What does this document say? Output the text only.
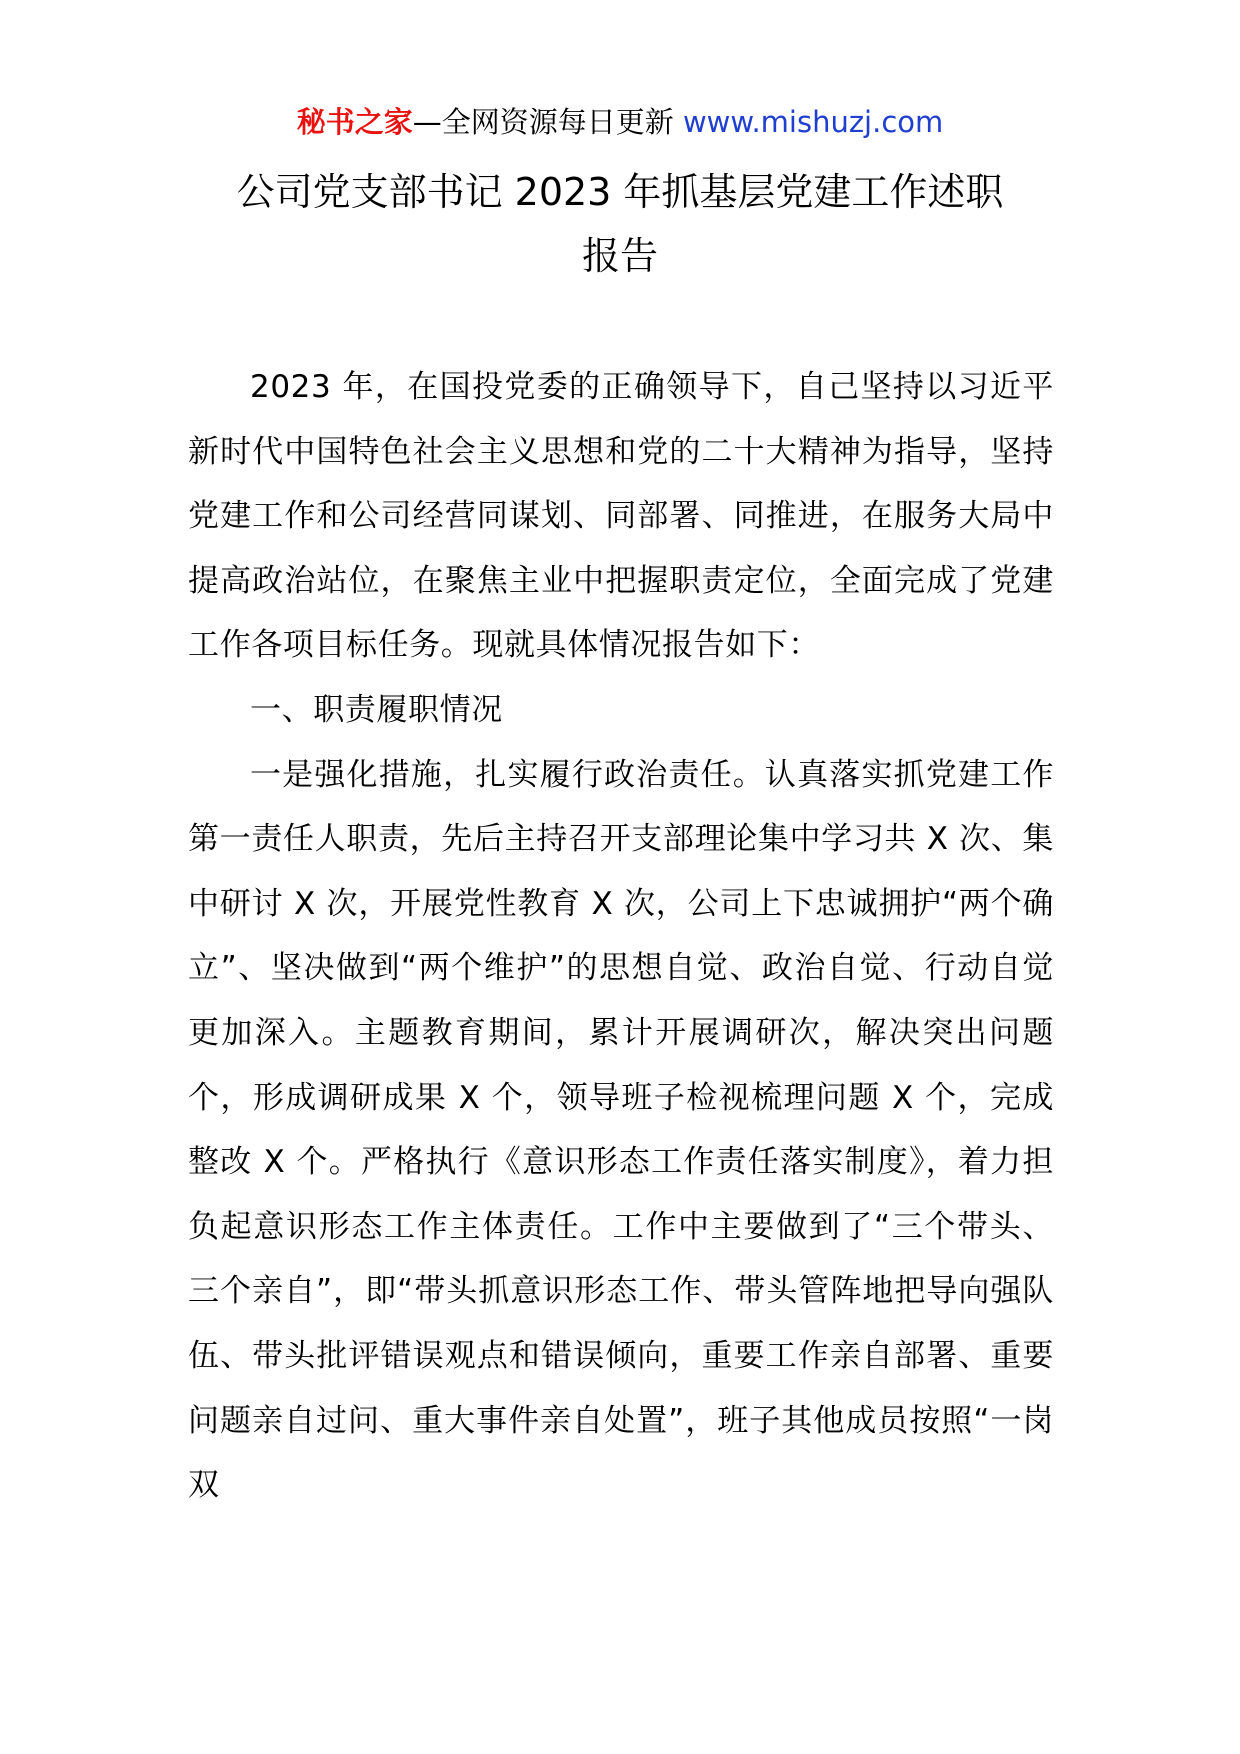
秘书之家—全网资源每日更新 www.mishuzj.com
公司党支部书记 2023 年抓基层党建工作述职
报告

2023 年，在国投党委的正确领导下，自己坚持以习近平新时代中国特色社会主义思想和党的二十大精神为指导，坚持党建工作和公司经营同谋划、同部署、同推进，在服务大局中提高政治站位，在聚焦主业中把握职责定位，全面完成了党建工作各项目标任务。现就具体情况报告如下：

一、职责履职情况

一是强化措施，扎实履行政治责任。认真落实抓党建工作第一责任人职责，先后主持召开支部理论集中学习共 X 次、集中研讨 X 次，开展党性教育 X 次，公司上下忠诚拥护“两个确立”、坚决做到“两个维护”的思想自觉、政治自觉、行动自觉更加深入。主题教育期间，累计开展调研次，解决突出问题个，形成调研成果 X 个，领导班子检视梳理问题 X 个，完成整改 X 个。严格执行《意识形态工作责任落实制度》，着力担负起意识形态工作主体责任。工作中主要做到了“三个带头、三个亲自”，即“带头抓意识形态工作、带头管阵地把导向强队伍、带头批评错误观点和错误倾向，重要工作亲自部署、重要问题亲自过问、重大事件亲自处置”，班子其他成员按照“一岗双
